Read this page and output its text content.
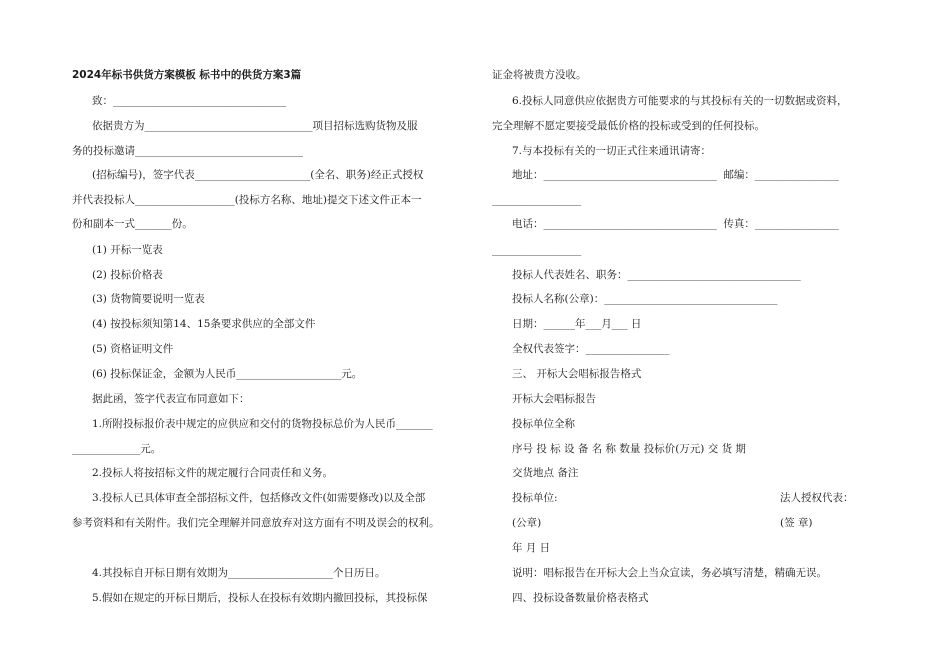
2024年标书供货方案模板 标书中的供货方案3篇
致：_________________________________
依据贵方为________________________________项目招标选购货物及服
务的投标邀请________________________________
(招标编号)，签字代表______________________(全名、职务)经正式授权
并代表投标人___________________(投标方名称、地址)提交下述文件正本一
份和副本一式_______份。
(1) 开标一览表
(2) 投标价格表
(3) 货物简要说明一览表
(4) 按投标须知第14、15条要求供应的全部文件
(5) 资格证明文件
(6) 投标保证金，金额为人民币____________________元。
据此函，签字代表宣布同意如下：
1.所附投标报价表中规定的应供应和交付的货物投标总价为人民币_______
_____________元。
2.投标人将按招标文件的规定履行合同责任和义务。
3.投标人已具体审查全部招标文件，包括修改文件(如需要修改)以及全部
参考资料和有关附件。我们完全理解并同意放弃对这方面有不明及误会的权利。
4.其投标自开标日期有效期为____________________个日历日。
5.假如在规定的开标日期后，投标人在投标有效期内撤回投标，其投标保
证金将被贵方没收。
6.投标人同意供应依据贵方可能要求的与其投标有关的一切数据或资料，
完全理解不愿定要接受最低价格的投标或受到的任何投标。
7.与本投标有关的一切正式往来通讯请寄：
地址：_________________________________  邮编：________________
_________________
电话：_________________________________  传真：________________
_________________
投标人代表姓名、职务：_________________________________
投标人名称(公章)：_________________________________
日期：______年___月___ 日
全权代表签字：________________
三、 开标大会唱标报告格式
开标大会唱标报告
投标单位全称
序号 投 标 设 备 名 称 数量 投标价(万元) 交 货 期
交货地点 备注
投标单位:	法人授权代表：
(公章)	(签 章)
年 月 日
说明：唱标报告在开标大会上当众宣读，务必填写清楚，精确无误。
四、投标设备数量价格表格式
